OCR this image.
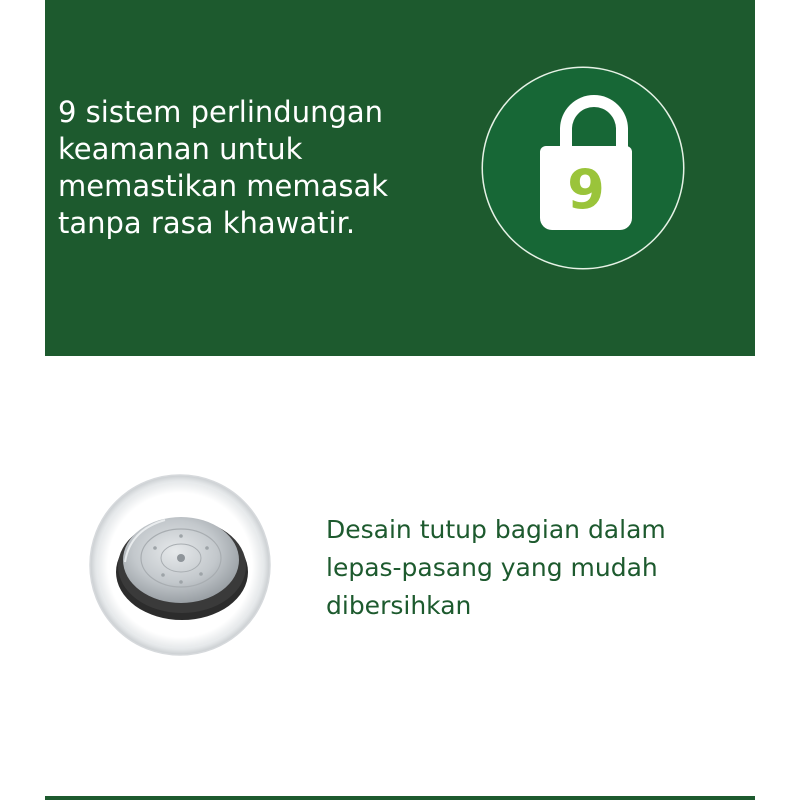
9 sistem perlindungan keamanan untuk memastikan memasak tanpa rasa khawatir.
9
Desain tutup bagian dalam lepas-pasang yang mudah dibersihkan
